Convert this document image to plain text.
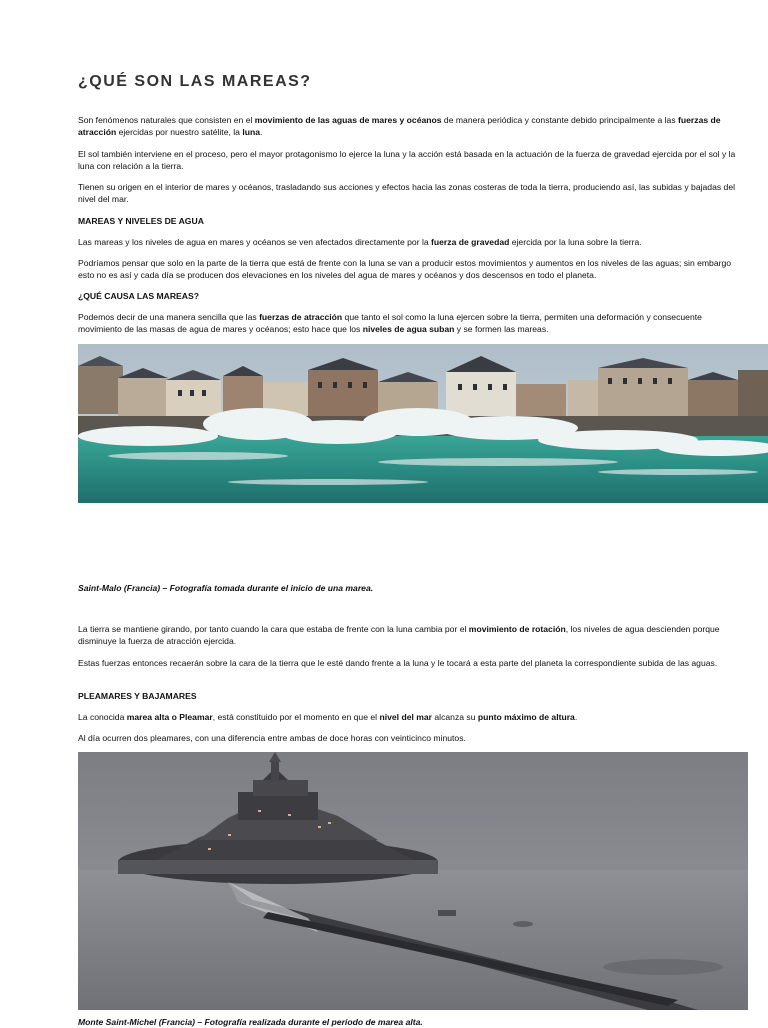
¿QUÉ SON LAS MAREAS?

Son fenómenos naturales que consisten en el movimiento de las aguas de mares y océanos de manera periódica y constante debido principalmente a las fuerzas de atracción ejercidas por nuestro satélite, la luna.

El sol también interviene en el proceso, pero el mayor protagonismo lo ejerce la luna y la acción está basada en la actuación de la fuerza de gravedad ejercida por el sol y la luna con relación a la tierra.

Tienen su origen en el interior de mares y océanos, trasladando sus acciones y efectos hacia las zonas costeras de toda la tierra, produciendo así, las subidas y bajadas del nivel del mar.

MAREAS Y NIVELES DE AGUA

Las mareas y los niveles de agua en mares y océanos se ven afectados directamente por la fuerza de gravedad ejercida por la luna sobre la tierra.

Podríamos pensar que solo en la parte de la tierra que está de frente con la luna se van a producir estos movimientos y aumentos en los niveles de las aguas; sin embargo esto no es así y cada día se producen dos elevaciones en los niveles del agua de mares y océanos y dos descensos en todo el planeta.

¿QUÉ CAUSA LAS MAREAS?

Podemos decir de una manera sencilla que las fuerzas de atracción que tanto el sol como la luna ejercen sobre la tierra, permiten una deformación y consecuente movimiento de las masas de agua de mares y océanos; esto hace que los niveles de agua suban y se formen las mareas.

Saint-Malo (Francia) – Fotografía tomada durante el inicio de una marea.

La tierra se mantiene girando, por tanto cuando la cara que estaba de frente con la luna cambia por el movimiento de rotación, los niveles de agua descienden porque disminuye la fuerza de atracción ejercida.

Estas fuerzas entonces recaerán sobre la cara de la tierra que le esté dando frente a la luna y le tocará a esta parte del planeta la correspondiente subida de las aguas.

PLEAMARES Y BAJAMARES

La conocida marea alta o Pleamar, está constituido por el momento en que el nivel del mar alcanza su punto máximo de altura.

Al día ocurren dos pleamares, con una diferencia entre ambas de doce horas con veinticinco minutos.

Monte Saint-Michel (Francia) – Fotografía realizada durante el período de marea alta.
